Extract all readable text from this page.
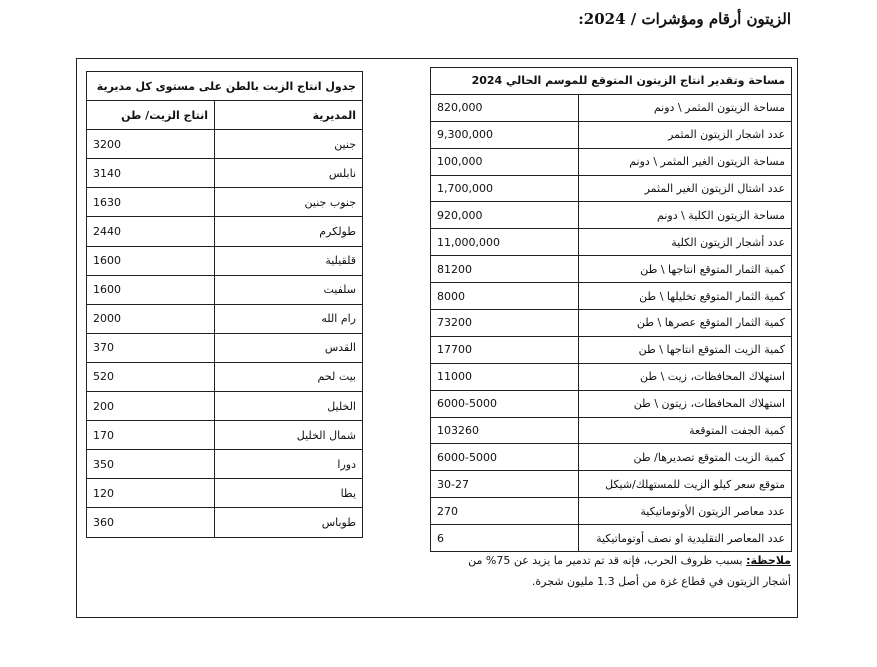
الزيتون أرقام ومؤشرات / 2024:
مساحة وتقدير انتاج الزيتون المتوقع للموسم الحالي 2024	
مساحة الزيتون المثمر \ دونم	820,000
عدد اشجار الزيتون المثمر	9,300,000
مساحة الزيتون الغير المثمر \ دونم	100,000
عدد اشتال الزيتون الغير المثمر	1,700,000
مساحة الزيتون الكلية \ دونم	920,000
عدد أشجار الزيتون الكلية	11,000,000
كمية الثمار المتوقع انتاجها \ طن	81200
كمية الثمار المتوقع تخليلها \ طن	8000
كمية الثمار المتوقع عصرها \ طن	73200
كمية الزيت المتوقع انتاجها \ طن	17700
استهلاك المحافظات، زيت \ طن	11000
استهلاك المحافظات، زيتون \ طن	6000-5000
كمية الجفت المتوقعة	103260
كمية الزيت المتوقع تصديرها/ طن	6000-5000
متوقع سعر كيلو الزيت للمستهلك/شيكل	30-27
عدد معاصر الزيتون الأوتوماتيكية	270
عدد المعاصر التقليدية او نصف أوتوماتيكية	6
جدول انتاج الزيت بالطن على مستوى كل مديرية	
المديرية	انتاج الزيت/ طن
جنين	3200
نابلس	3140
جنوب جنين	1630
طولكرم	2440
قلقيلية	1600
سلفيت	1600
رام الله	2000
القدس	370
بيت لحم	520
الخليل	200
شمال الخليل	170
دورا	350
يطا	120
طوباس	360
ملاحظة: بسبب ظروف الحرب، فإنه قد تم تدمير ما يزيد عن 75% من
أشجار الزيتون في قطاع غزة من أصل 1.3 مليون شجرة.
